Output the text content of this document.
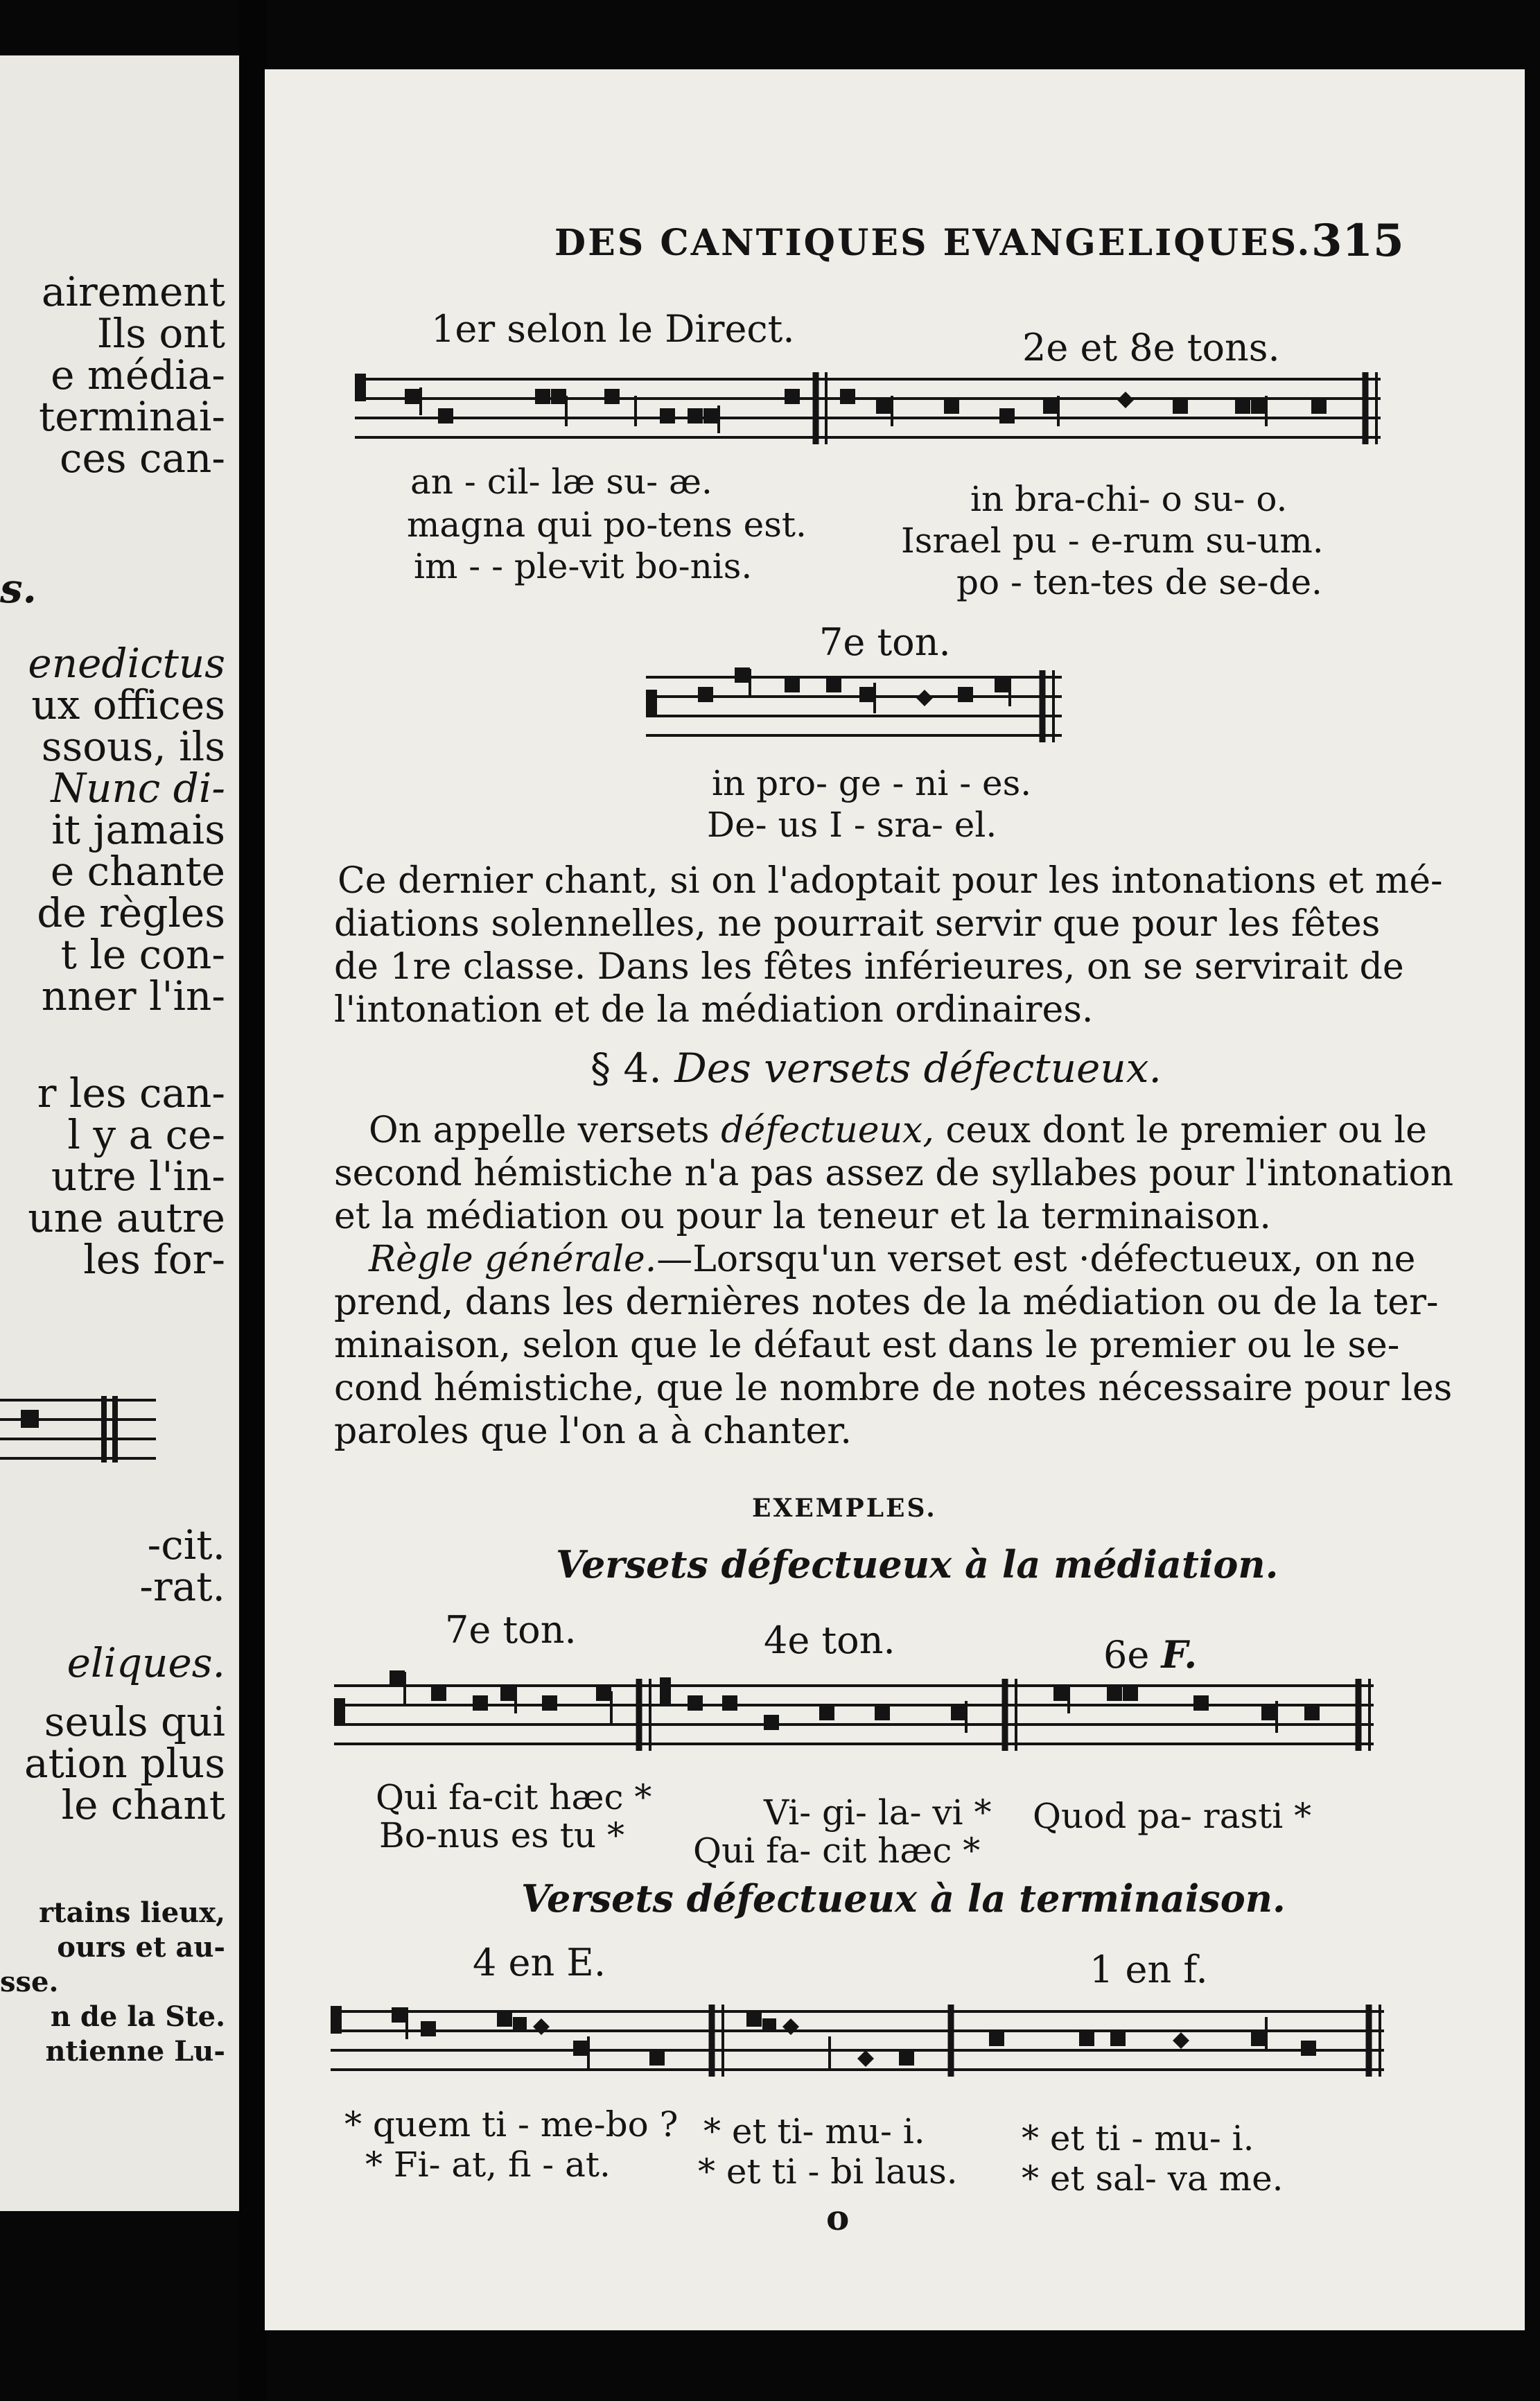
airement
Ils ont
e média-
terminai-
ces can-
s.
enedictus
ux offices
ssous, ils
Nunc di-
it jamais
e chante
de règles
t le con-
nner l'in-
r les can-
l y a ce-
utre l'in-
une autre
les for-
-cit.
-rat.
eliques.
seuls qui
ation plus
le chant
rtains lieux,
ours et au-
sse.
n de la Ste.
ntienne Lu-
DES CANTIQUES EVANGELIQUES. 315
1er selon le Direct.	2e et 8e tons.
an - cil- læ su- æ.
magna qui po-tens est.
im - - ple-vit bo-nis.
in bra-chi- o su- o.
Israel pu - e-rum su-um.
po - ten-tes de se-de.
7e ton.
in pro- ge - ni - es.
De- us I - sra- el.
Ce dernier chant, si on l'adoptait pour les intonations et mé-
diations solennelles, ne pourrait servir que pour les fêtes
de 1re classe. Dans les fêtes inférieures, on se servirait de
l'intonation et de la médiation ordinaires.
§ 4. Des versets défectueux.
On appelle versets défectueux, ceux dont le premier ou le
second hémistiche n'a pas assez de syllabes pour l'intonation
et la médiation ou pour la teneur et la terminaison.
Règle générale.—Lorsqu'un verset est ·défectueux, on ne
prend, dans les dernières notes de la médiation ou de la ter-
minaison, selon que le défaut est dans le premier ou le se-
cond hémistiche, que le nombre de notes nécessaire pour les
paroles que l'on a à chanter.
EXEMPLES.
Versets défectueux à la médiation.
7e ton.	4e ton.	6e F.
Qui fa-cit hæc *
Bo-nus es tu *
Vi- gi- la- vi *
Qui fa- cit hæc *
Quod pa- rasti *
Versets défectueux à la terminaison.
4 en E.	1 en f.
* quem ti - me-bo ?
* Fi- at, fi - at.
* et ti- mu- i.
* et ti - bi laus.
* et ti - mu- i.
* et sal- va me.
o
